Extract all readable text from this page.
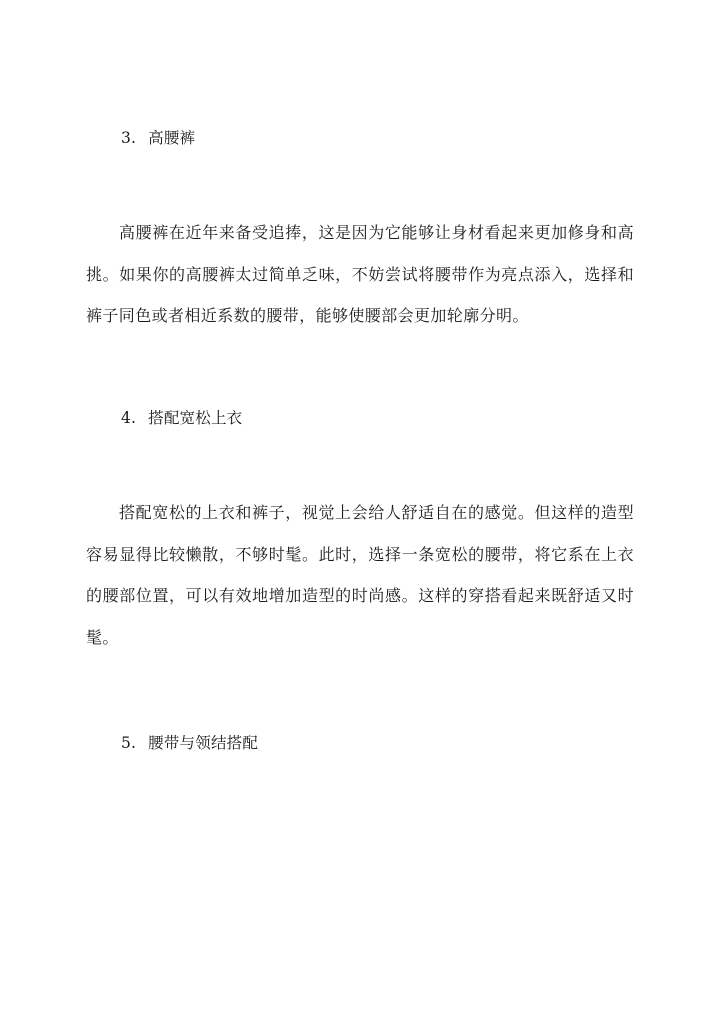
3. 高腰裤

高腰裤在近年来备受追捧，这是因为它能够让身材看起来更加修身和高挑。如果你的高腰裤太过简单乏味，不妨尝试将腰带作为亮点添入，选择和裤子同色或者相近系数的腰带，能够使腰部会更加轮廓分明。

4. 搭配宽松上衣

搭配宽松的上衣和裤子，视觉上会给人舒适自在的感觉。但这样的造型容易显得比较懒散，不够时髦。此时，选择一条宽松的腰带，将它系在上衣的腰部位置，可以有效地增加造型的时尚感。这样的穿搭看起来既舒适又时髦。

5. 腰带与领结搭配
